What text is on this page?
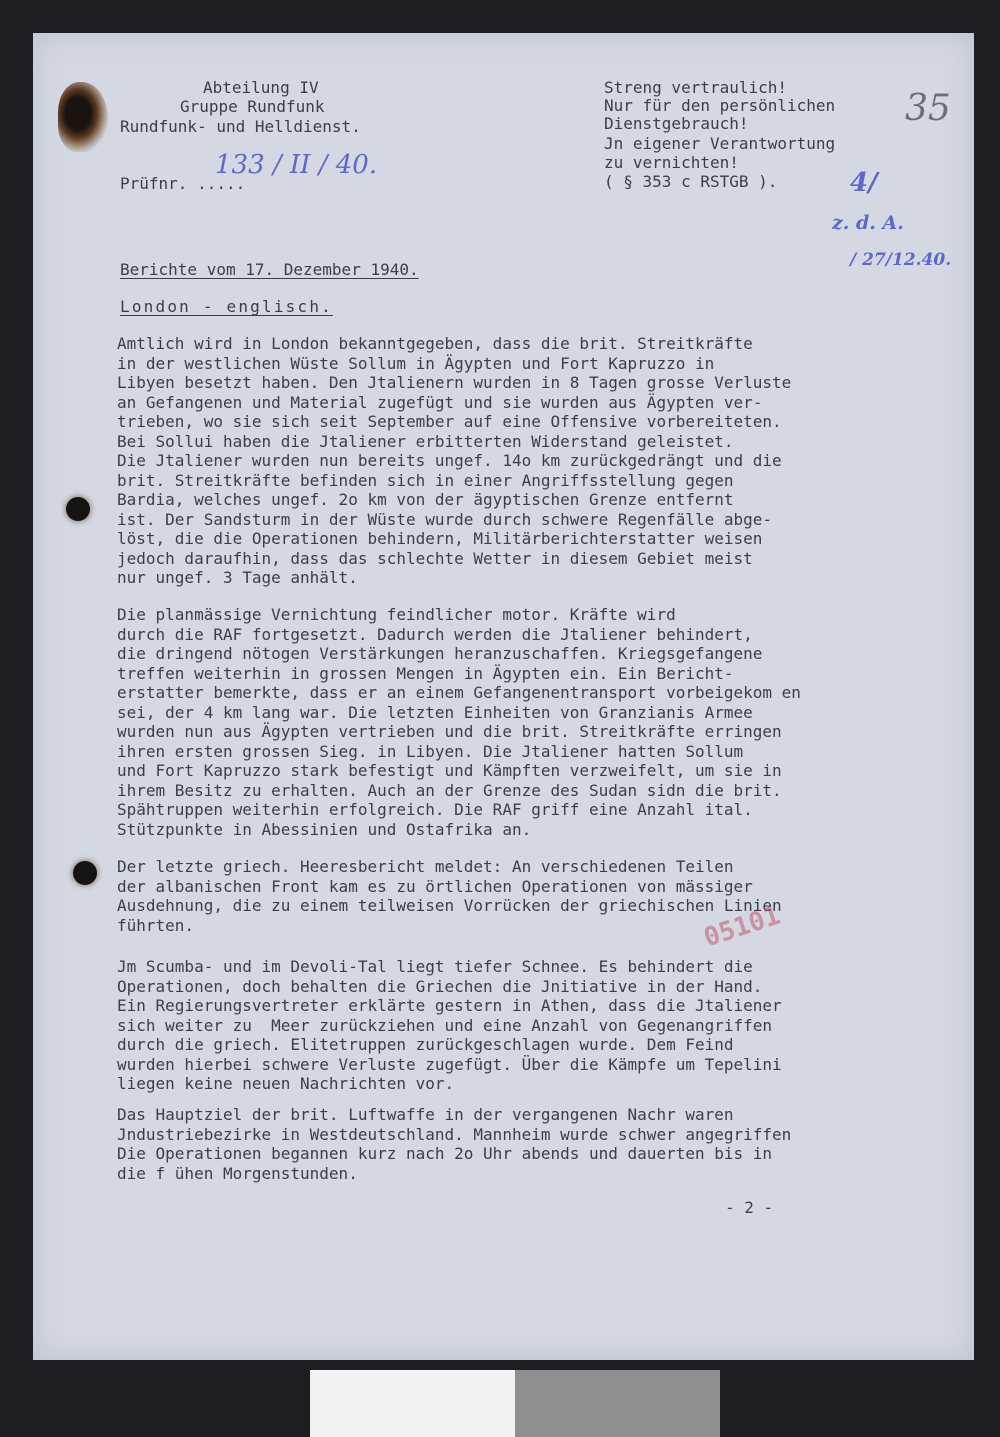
Abteilung IV
Gruppe Rundfunk
Rundfunk- und Helldienst.
Prüfnr. .....
133 / II / 40.
Streng vertraulich!
Nur für den persönlichen
Dienstgebrauch!
Jn eigener Verantwortung
zu vernichten!
( § 353 c RSTGB ).
35
4/
z. d. A.
/ 27/12.40.
Berichte vom 17. Dezember 1940.
London - englisch.
Amtlich wird in London bekanntgegeben, dass die brit. Streitkräfte
in der westlichen Wüste Sollum in Ägypten und Fort Kapruzzo in
Libyen besetzt haben. Den Jtalienern wurden in 8 Tagen grosse Verluste
an Gefangenen und Material zugefügt und sie wurden aus Ägypten ver-
trieben, wo sie sich seit September auf eine Offensive vorbereiteten.
Bei Sollui haben die Jtaliener erbitterten Widerstand geleistet.
Die Jtaliener wurden nun bereits ungef. 14o km zurückgedrängt und die
brit. Streitkräfte befinden sich in einer Angriffsstellung gegen
Bardia, welches ungef. 2o km von der ägyptischen Grenze entfernt
ist. Der Sandsturm in der Wüste wurde durch schwere Regenfälle abge-
löst, die die Operationen behindern, Militärberichterstatter weisen
jedoch daraufhin, dass das schlechte Wetter in diesem Gebiet meist
nur ungef. 3 Tage anhält.
Die planmässige Vernichtung feindlicher motor. Kräfte wird
durch die RAF fortgesetzt. Dadurch werden die Jtaliener behindert,
die dringend nötogen Verstärkungen heranzuschaffen. Kriegsgefangene
treffen weiterhin in grossen Mengen in Ägypten ein. Ein Bericht-
erstatter bemerkte, dass er an einem Gefangenentransport vorbeigekom en
sei, der 4 km lang war. Die letzten Einheiten von Granzianis Armee
wurden nun aus Ägypten vertrieben und die brit. Streitkräfte erringen
ihren ersten grossen Sieg. in Libyen. Die Jtaliener hatten Sollum
und Fort Kapruzzo stark befestigt und Kämpften verzweifelt, um sie in
ihrem Besitz zu erhalten. Auch an der Grenze des Sudan sidn die brit.
Spähtruppen weiterhin erfolgreich. Die RAF griff eine Anzahl ital.
Stützpunkte in Abessinien und Ostafrika an.
Der letzte griech. Heeresbericht meldet: An verschiedenen Teilen
der albanischen Front kam es zu örtlichen Operationen von mässiger
Ausdehnung, die zu einem teilweisen Vorrücken der griechischen Linien
führten.
Jm Scumba- und im Devoli-Tal liegt tiefer Schnee. Es behindert die
Operationen, doch behalten die Griechen die Jnitiative in der Hand.
Ein Regierungsvertreter erklärte gestern in Athen, dass die Jtaliener
sich weiter zu  Meer zurückziehen und eine Anzahl von Gegenangriffen
durch die griech. Elitetruppen zurückgeschlagen wurde. Dem Feind
wurden hierbei schwere Verluste zugefügt. Über die Kämpfe um Tepelini
liegen keine neuen Nachrichten vor.
Das Hauptziel der brit. Luftwaffe in der vergangenen Nachr waren
Jndustriebezirke in Westdeutschland. Mannheim wurde schwer angegriffen
Die Operationen begannen kurz nach 2o Uhr abends und dauerten bis in
die f ühen Morgenstunden.
05101
- 2 -
